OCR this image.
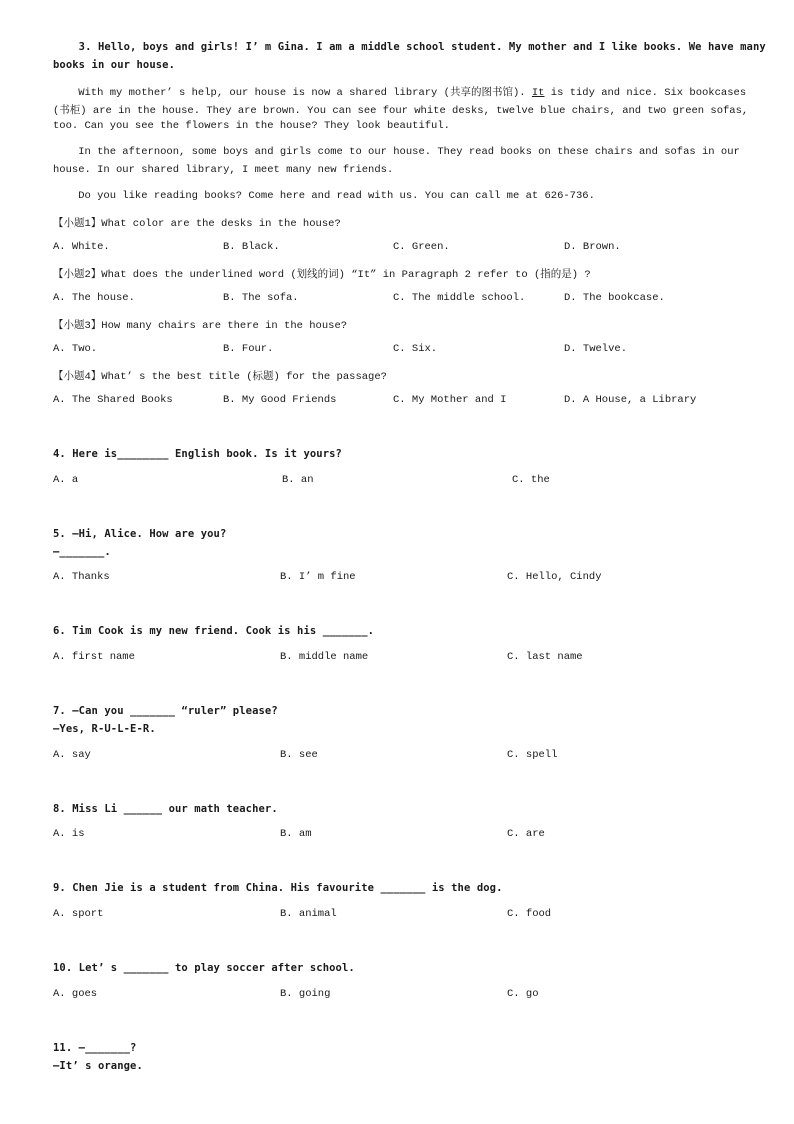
3. Hello, boys and girls! I’ m Gina. I am a middle school student. My mother and I like books. We have many
books in our house.
With my mother’ s help, our house is now a shared library (共享的图书馆). It is tidy and nice. Six bookcases
(书柜) are in the house. They are brown. You can see four white desks, twelve blue chairs, and two green sofas,
too. Can you see the flowers in the house? They look beautiful.
In the afternoon, some boys and girls come to our house. They read books on these chairs and sofas in our
house. In our shared library, I meet many new friends.
Do you like reading books? Come here and read with us. You can call me at 626-736.
【小题1】What color are the desks in the house?
A. White.	B. Black.	C. Green.	D. Brown.
【小题2】What does the underlined word (划线的词) “It” in Paragraph 2 refer to (指的是) ?
A. The house.	B. The sofa.	C. The middle school.	D. The bookcase.
【小题3】How many chairs are there in the house?
A. Two.	B. Four.	C. Six.	D. Twelve.
【小题4】What’ s the best title (标题) for the passage?
A. The Shared Books	B. My Good Friends	C. My Mother and I	D. A House, a Library
4. Here is________ English book. Is it yours?
A. a	B. an	C. the
5. —Hi, Alice. How are you?
—_______.
A. Thanks	B. I’ m fine	C. Hello, Cindy
6. Tim Cook is my new friend. Cook is his _______.
A. first name	B. middle name	C. last name
7. —Can you _______ “ruler” please?
—Yes, R-U-L-E-R.
A. say	B. see	C. spell
8. Miss Li ______ our math teacher.
A. is	B. am	C. are
9. Chen Jie is a student from China. His favourite _______ is the dog.
A. sport	B. animal	C. food
10. Let’ s _______ to play soccer after school.
A. goes	B. going	C. go
11. —_______?
—It’ s orange.
